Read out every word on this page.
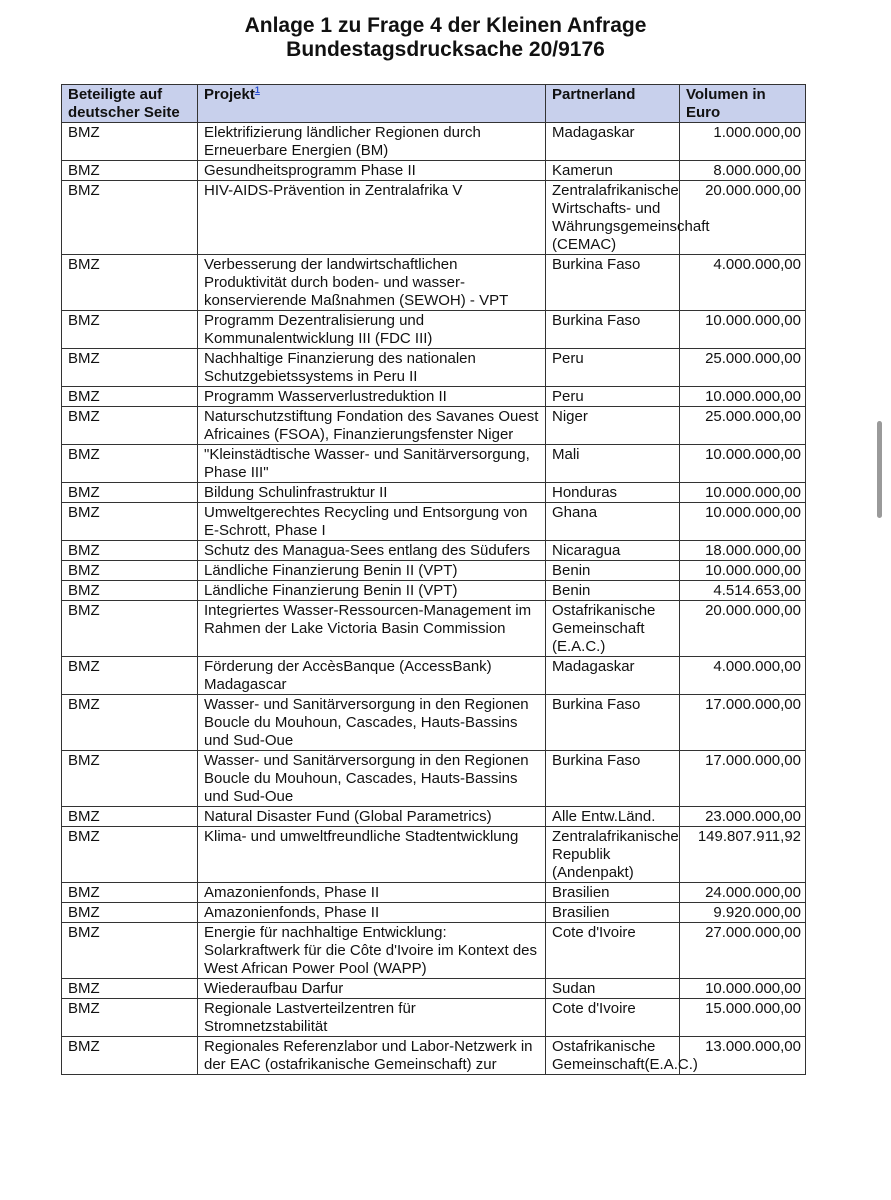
Anlage 1 zu Frage 4 der Kleinen Anfrage
Bundestagsdrucksache 20/9176
Beteiligte auf deutscher Seite	Projekt$^1$	Partnerland	Volumen in Euro
BMZ	Elektrifizierung ländlicher Regionen durch Erneuerbare Energien (BM)	Madagaskar	1.000.000,00
BMZ	Gesundheitsprogramm Phase II	Kamerun	8.000.000,00
BMZ	HIV-AIDS-Prävention in Zentralafrika V	Zentralafrikanische Wirtschafts- und Währungsgemeinschaft (CEMAC)	20.000.000,00
BMZ	Verbesserung der landwirtschaftlichen Produktivität durch boden- und wasser-konservierende Maßnahmen (SEWOH) - VPT	Burkina Faso	4.000.000,00
BMZ	Programm Dezentralisierung und Kommunalentwicklung III (FDC III)	Burkina Faso	10.000.000,00
BMZ	Nachhaltige Finanzierung des nationalen Schutzgebietssystems in Peru II	Peru	25.000.000,00
BMZ	Programm Wasserverlustreduktion II	Peru	10.000.000,00
BMZ	Naturschutzstiftung Fondation des Savanes Ouest Africaines (FSOA), Finanzierungsfenster Niger	Niger	25.000.000,00
BMZ	"Kleinstädtische Wasser- und Sanitärversorgung, Phase III"	Mali	10.000.000,00
BMZ	Bildung Schulinfrastruktur II	Honduras	10.000.000,00
BMZ	Umweltgerechtes Recycling und Entsorgung von E-Schrott, Phase I	Ghana	10.000.000,00
BMZ	Schutz des Managua-Sees entlang des Südufers	Nicaragua	18.000.000,00
BMZ	Ländliche Finanzierung Benin II (VPT)	Benin	10.000.000,00
BMZ	Ländliche Finanzierung Benin II (VPT)	Benin	4.514.653,00
BMZ	Integriertes Wasser-Ressourcen-Management im Rahmen der Lake Victoria Basin Commission	Ostafrikanische Gemeinschaft (E.A.C.)	20.000.000,00
BMZ	Förderung der AccèsBanque (AccessBank) Madagascar	Madagaskar	4.000.000,00
BMZ	Wasser- und Sanitärversorgung in den Regionen Boucle du Mouhoun, Cascades, Hauts-Bassins und Sud-Oue	Burkina Faso	17.000.000,00
BMZ	Wasser- und Sanitärversorgung in den Regionen Boucle du Mouhoun, Cascades, Hauts-Bassins und Sud-Oue	Burkina Faso	17.000.000,00
BMZ	Natural Disaster Fund (Global Parametrics)	Alle Entw.Länd.	23.000.000,00
BMZ	Klima- und umweltfreundliche Stadtentwicklung	Zentralafrikanische Republik (Andenpakt)	149.807.911,92
BMZ	Amazonienfonds, Phase II	Brasilien	24.000.000,00
BMZ	Amazonienfonds, Phase II	Brasilien	9.920.000,00
BMZ	Energie für nachhaltige Entwicklung: Solarkraftwerk für die Côte d'Ivoire im Kontext des West African Power Pool (WAPP)	Cote d'Ivoire	27.000.000,00
BMZ	Wiederaufbau Darfur	Sudan	10.000.000,00
BMZ	Regionale Lastverteilzentren für Stromnetzstabilität	Cote d'Ivoire	15.000.000,00
BMZ	Regionales Referenzlabor und Labor-Netzwerk in der EAC (ostafrikanische Gemeinschaft) zur	Ostafrikanische Gemeinschaft(E.A.C.)	13.000.000,00
